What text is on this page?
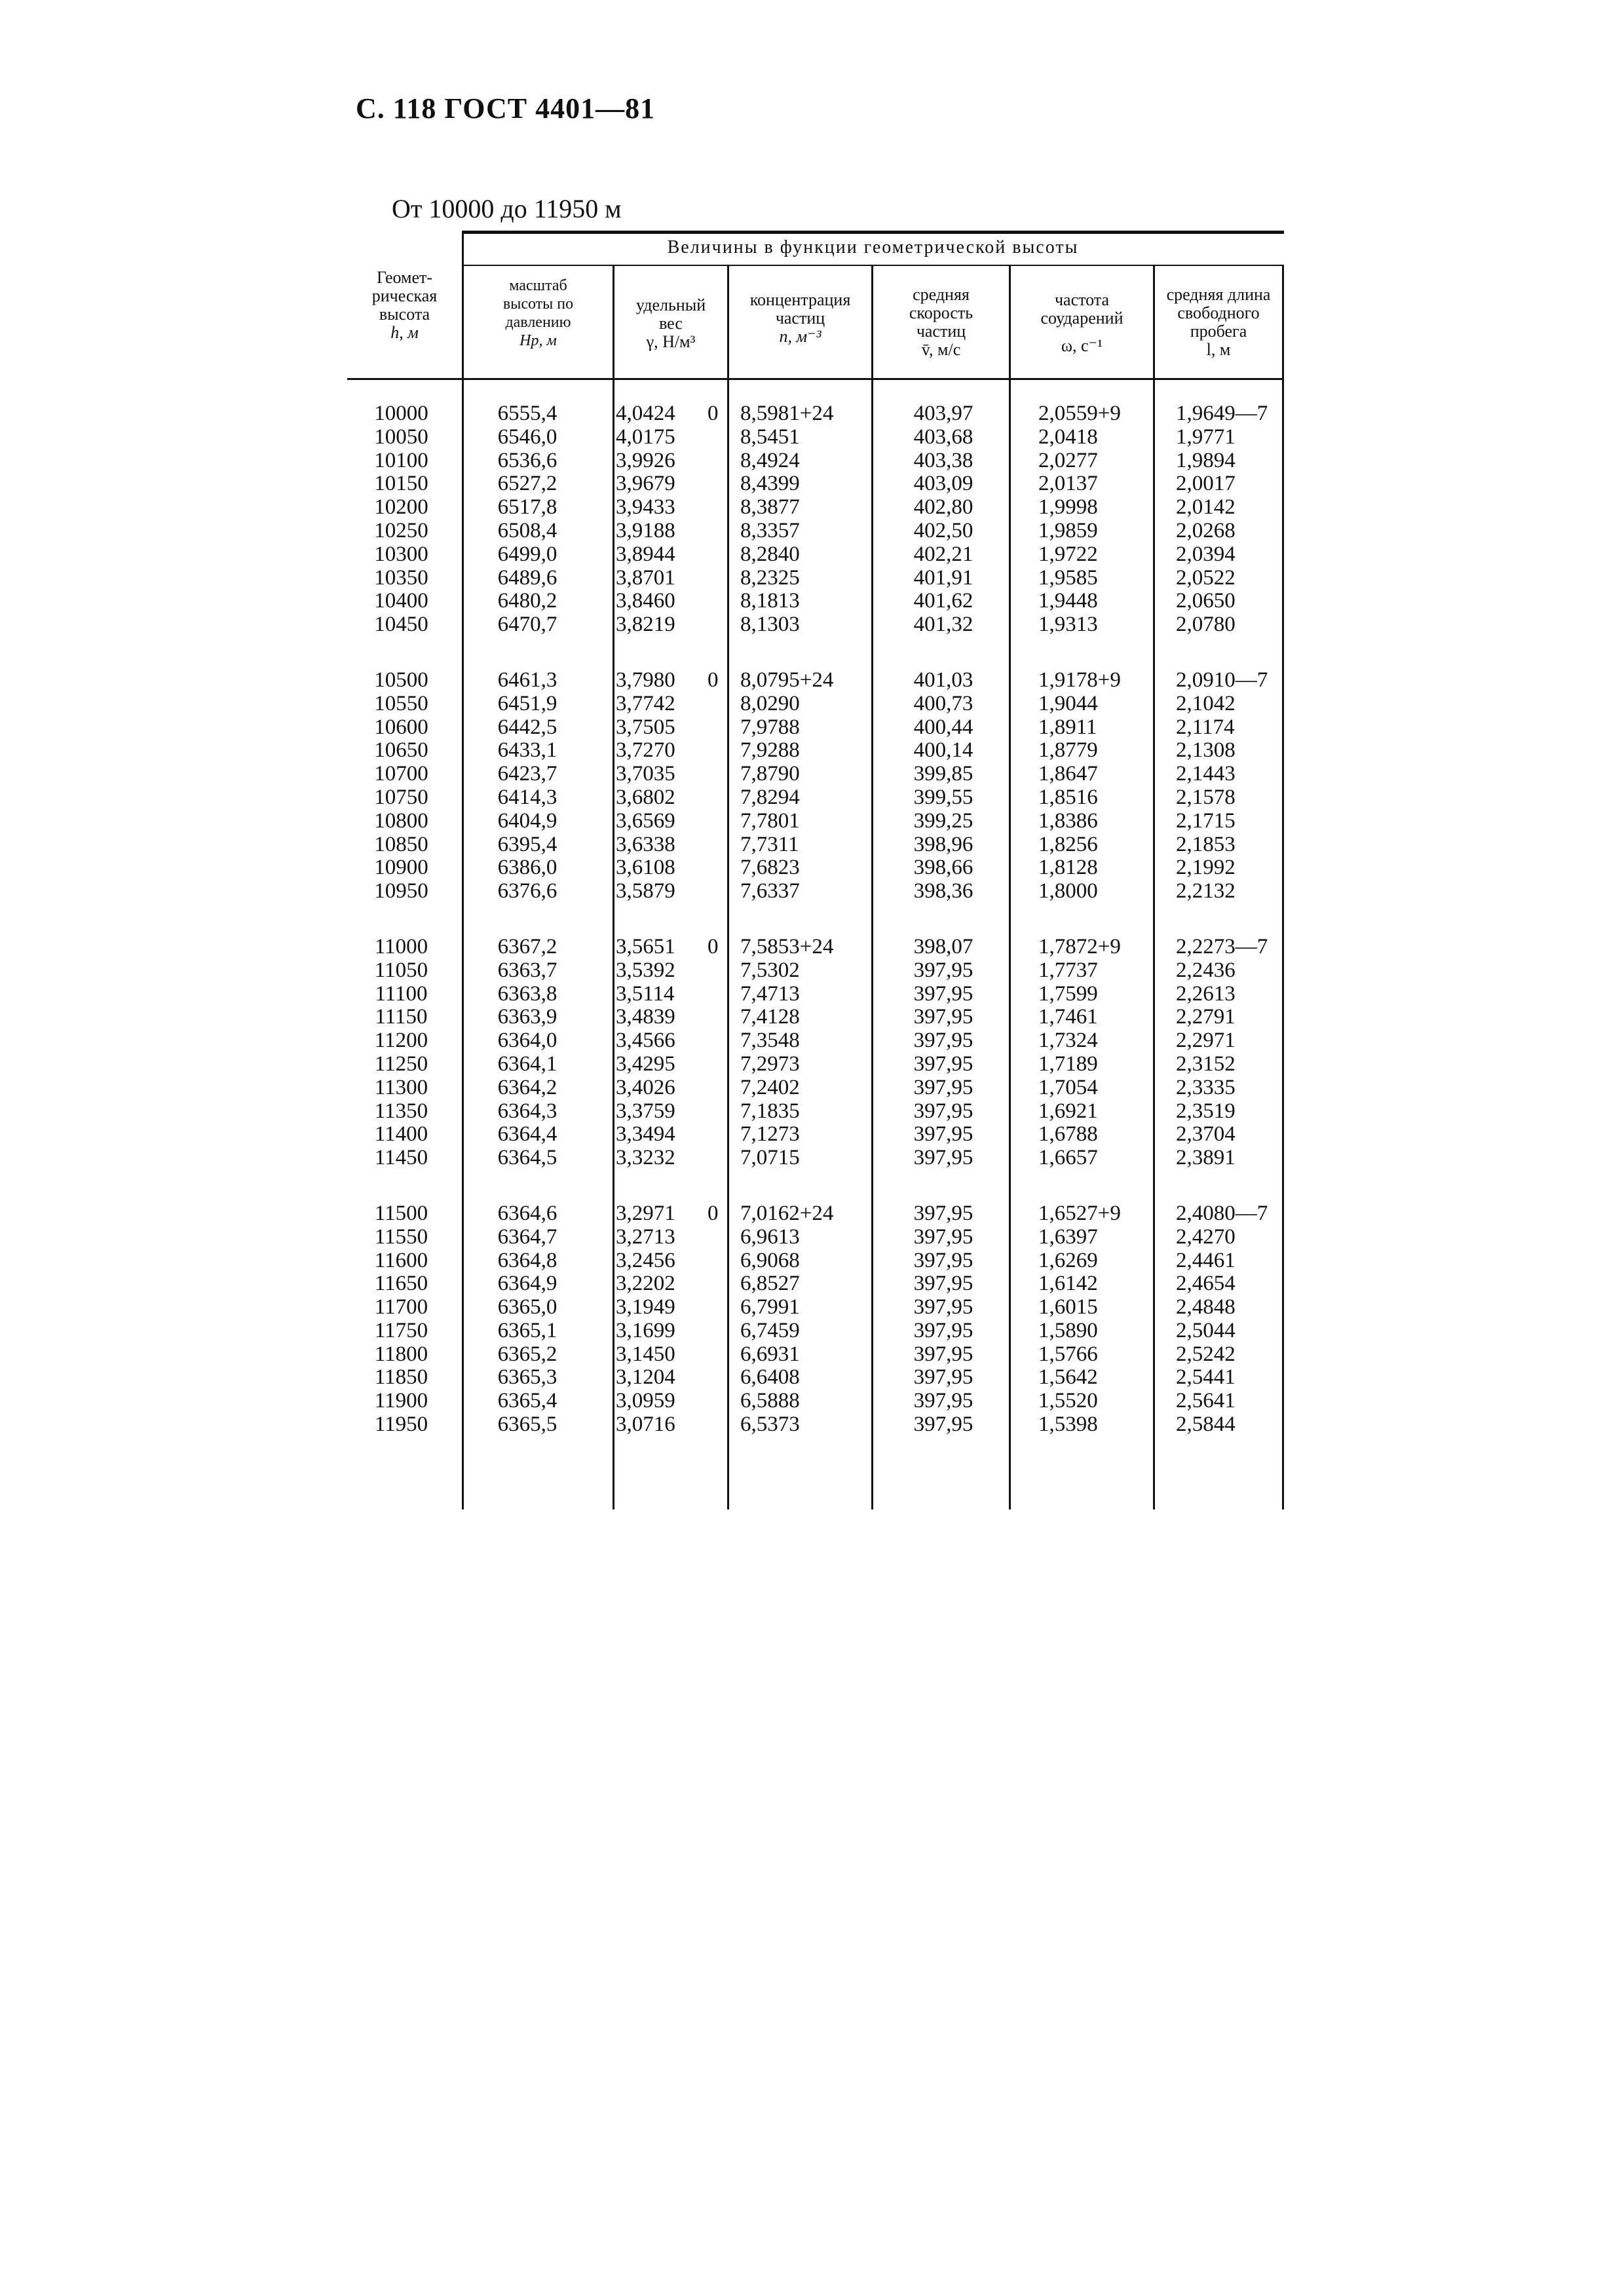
С. 118 ГОСТ 4401—81
От 10000 до 11950 м
Величины в функции геометрической высоты
Геомет-
рическая
высота
h, м
масштаб
высоты по
давлению
Hр, м
удельный
вес
γ, Н/м³
концентрация
частиц
n, м⁻³
средняя
скорость
частиц
v̄, м/с
частота
соударений
ω, с⁻¹
средняя длина
свободного
пробега
l, м
10000	6555,4	4,0424 0 8,5981+24	403,97	2,0559+9	1,9649—7
10050	6546,0	4,0175	8,5451	403,68	2,0418	1,9771
10100	6536,6	3,9926	8,4924	403,38	2,0277	1,9894
10150	6527,2	3,9679	8,4399	403,09	2,0137	2,0017
10200	6517,8	3,9433	8,3877	402,80	1,9998	2,0142
10250	6508,4	3,9188	8,3357	402,50	1,9859	2,0268
10300	6499,0	3,8944	8,2840	402,21	1,9722	2,0394
10350	6489,6	3,8701	8,2325	401,91	1,9585	2,0522
10400	6480,2	3,8460	8,1813	401,62	1,9448	2,0650
10450	6470,7	3,8219	8,1303	401,32	1,9313	2,0780
10500	6461,3	3,7980 0 8,0795+24	401,03	1,9178+9	2,0910—7
10550	6451,9	3,7742	8,0290	400,73	1,9044	2,1042
10600	6442,5	3,7505	7,9788	400,44	1,8911	2,1174
10650	6433,1	3,7270	7,9288	400,14	1,8779	2,1308
10700	6423,7	3,7035	7,8790	399,85	1,8647	2,1443
10750	6414,3	3,6802	7,8294	399,55	1,8516	2,1578
10800	6404,9	3,6569	7,7801	399,25	1,8386	2,1715
10850	6395,4	3,6338	7,7311	398,96	1,8256	2,1853
10900	6386,0	3,6108	7,6823	398,66	1,8128	2,1992
10950	6376,6	3,5879	7,6337	398,36	1,8000	2,2132
11000	6367,2	3,5651 0 7,5853+24	398,07	1,7872+9	2,2273—7
11050	6363,7	3,5392	7,5302	397,95	1,7737	2,2436
11100	6363,8	3,5114	7,4713	397,95	1,7599	2,2613
11150	6363,9	3,4839	7,4128	397,95	1,7461	2,2791
11200	6364,0	3,4566	7,3548	397,95	1,7324	2,2971
11250	6364,1	3,4295	7,2973	397,95	1,7189	2,3152
11300	6364,2	3,4026	7,2402	397,95	1,7054	2,3335
11350	6364,3	3,3759	7,1835	397,95	1,6921	2,3519
11400	6364,4	3,3494	7,1273	397,95	1,6788	2,3704
11450	6364,5	3,3232	7,0715	397,95	1,6657	2,3891
11500	6364,6	3,2971 0 7,0162+24	397,95	1,6527+9	2,4080—7
11550	6364,7	3,2713	6,9613	397,95	1,6397	2,4270
11600	6364,8	3,2456	6,9068	397,95	1,6269	2,4461
11650	6364,9	3,2202	6,8527	397,95	1,6142	2,4654
11700	6365,0	3,1949	6,7991	397,95	1,6015	2,4848
11750	6365,1	3,1699	6,7459	397,95	1,5890	2,5044
11800	6365,2	3,1450	6,6931	397,95	1,5766	2,5242
11850	6365,3	3,1204	6,6408	397,95	1,5642	2,5441
11900	6365,4	3,0959	6,5888	397,95	1,5520	2,5641
11950	6365,5	3,0716	6,5373	397,95	1,5398	2,5844
